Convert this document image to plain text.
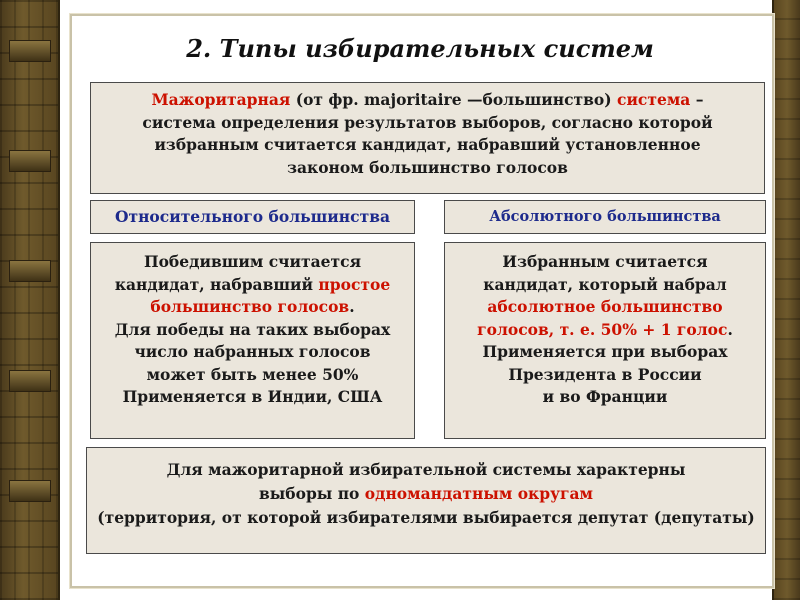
2. Типы избирательных систем
Мажоритарная (от фр. majoritaire —большинство) система –
система определения результатов выборов, согласно которой
избранным считается кандидат, набравший установленное
законом большинство голосов
Относительного большинства	Абсолютного большинства
Победившим считается
кандидат, набравший простое
большинство голосов.
Для победы на таких выборах
число набранных голосов
может быть менее 50%
Применяется в Индии, США
Избранным считается
кандидат, который набрал
абсолютное большинство
голосов, т. е. 50% + 1 голос.
Применяется при выборах
Президента в России
и во Франции
Для мажоритарной избирательной системы характерны
выборы по одномандатным округам
(территория, от которой избирателями выбирается депутат (депутаты)
